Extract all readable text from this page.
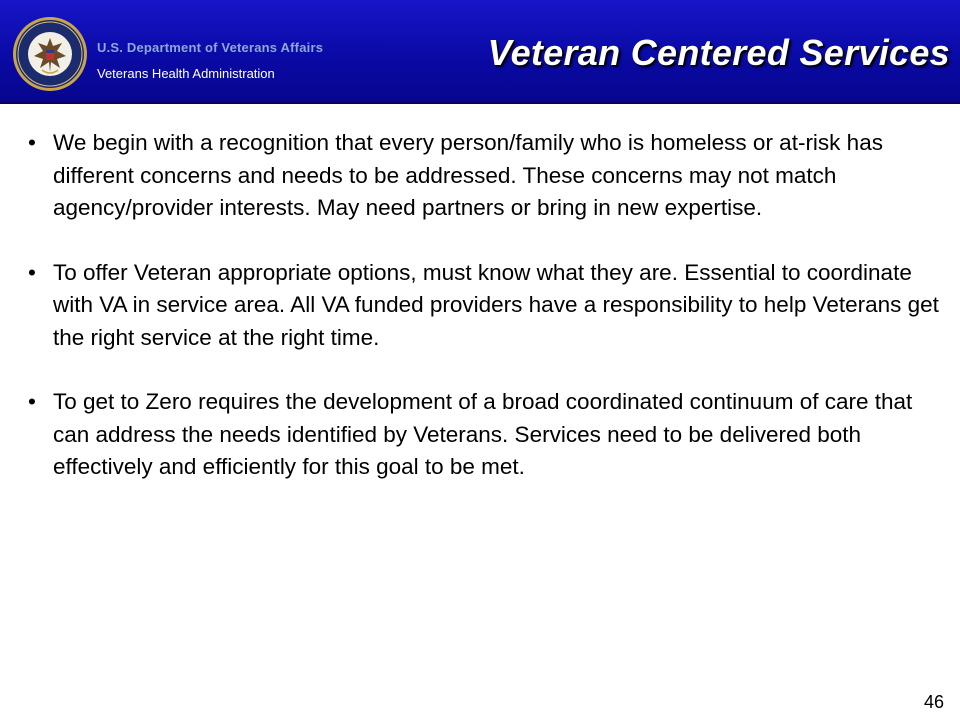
U.S. Department of Veterans Affairs
Veterans Health Administration
Veteran Centered Services
• We begin with a recognition that every person/family who is homeless or at-risk has different concerns and needs to be addressed. These concerns may not match agency/provider interests. May need partners or bring in new expertise.
• To offer Veteran appropriate options, must know what they are. Essential to coordinate with VA in service area. All VA funded providers have a responsibility to help Veterans get the right service at the right time.
• To get to Zero requires the development of a broad coordinated continuum of care that can address the needs identified by Veterans. Services need to be delivered both effectively and efficiently for this goal to be met.
46
